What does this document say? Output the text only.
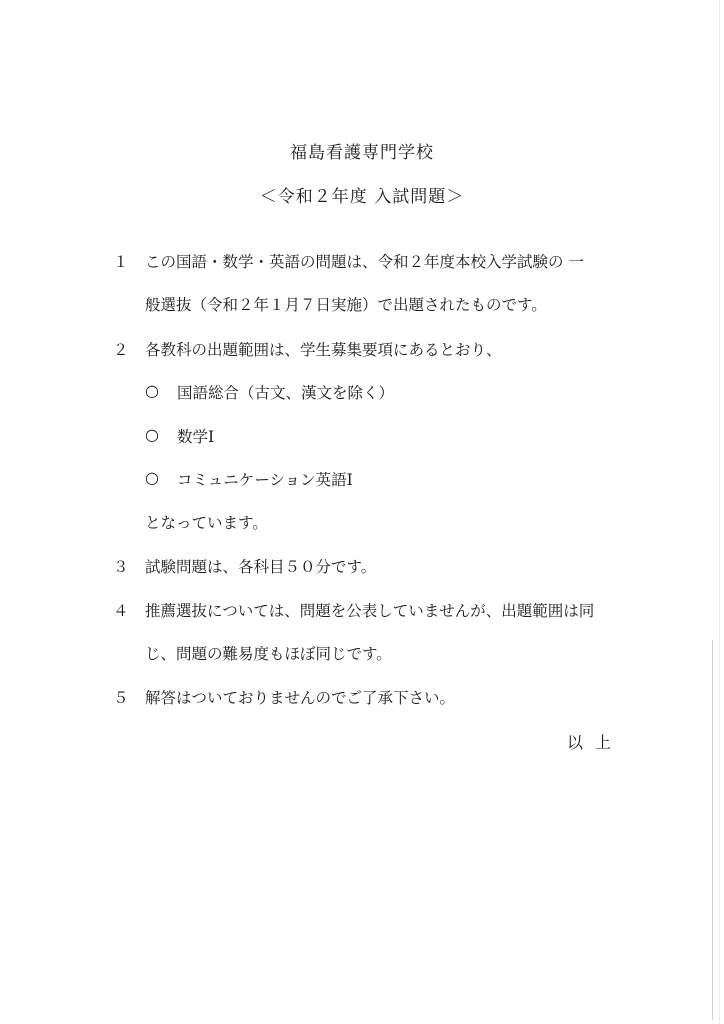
福島看護専門学校
＜令和２年度 入試問題＞
１ この国語・数学・英語の問題は、令和２年度本校入学試験の 一
般選抜（令和２年１月７日実施）で出題されたものです。
２ 各教科の出題範囲は、学生募集要項にあるとおり、
○ 国語総合（古文、漢文を除く）
○ 数学Ⅰ
○ コミュニケーション英語Ⅰ
となっています。
３ 試験問題は、各科目５０分です。
４ 推薦選抜については、問題を公表していませんが、出題範囲は同
じ、問題の難易度もほぼ同じです。
５ 解答はついておりませんのでご了承下さい。
以上
